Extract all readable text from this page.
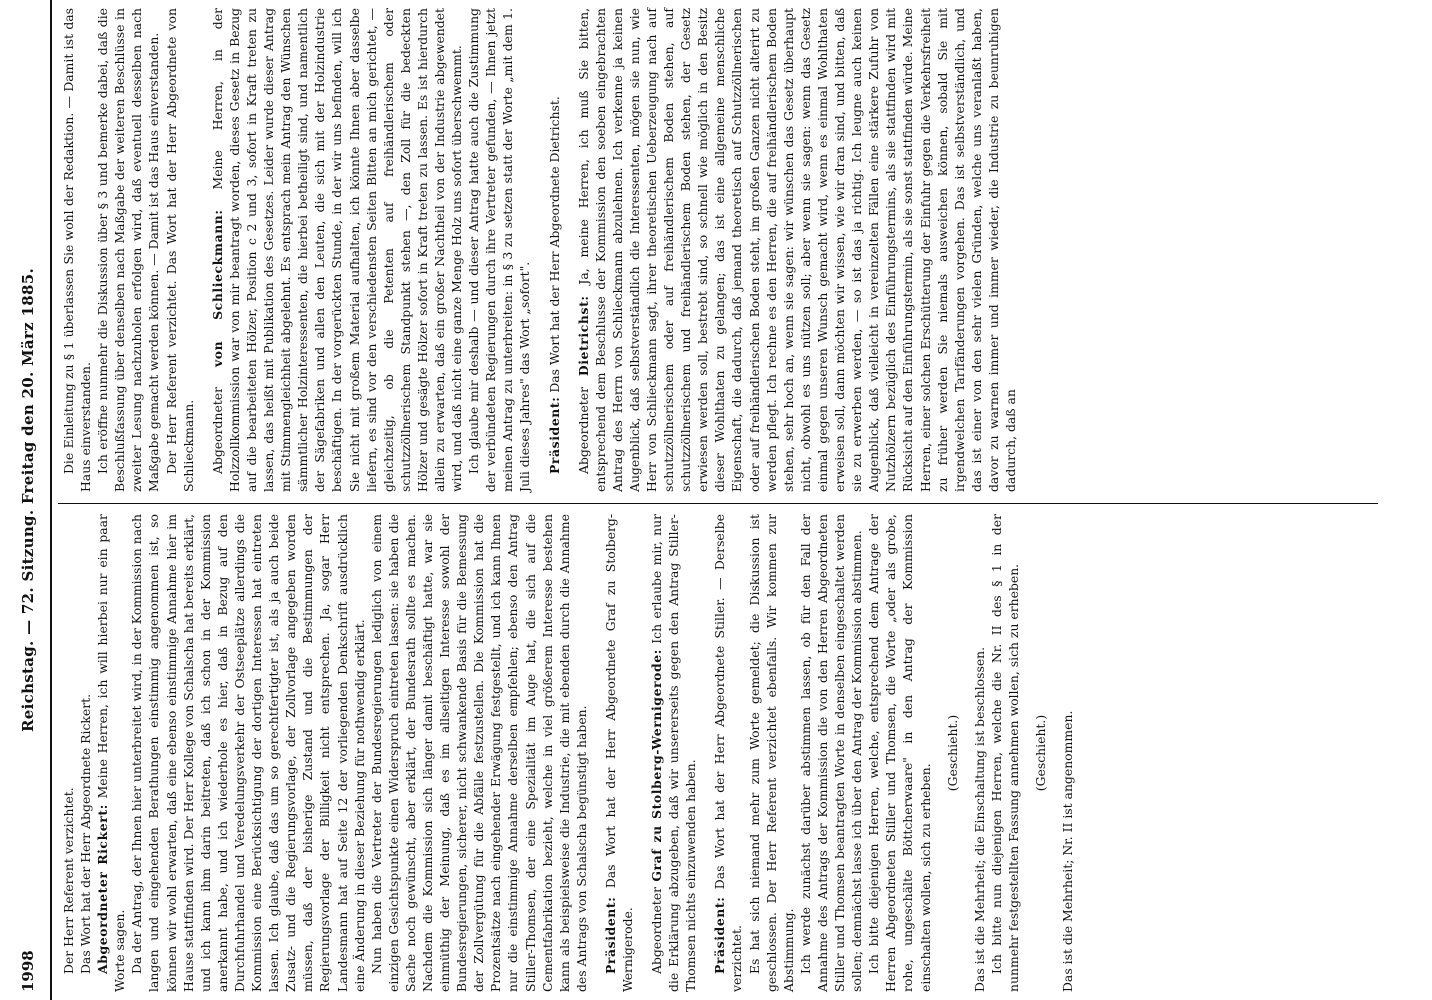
1998
Reichstag. — 72. Sitzung. Freitag den 20. März 1885.

Der Herr Referent verzichtet. Das Wort hat der Herr Abgeordnete Rickert. Abgeordneter Rickert: Meine Herren, ich will hierbei nur ein paar Worte sagen. Da der Antrag, der Ihnen hier unterbreitet wird, in der Kommission nach langen und eingehenden Berathungen einstimmig angenommen ist, so können wir wohl erwarten, daß eine ebenso einstimmige Annahme hier im Hause stattfinden wird. Der Herr Kollege von Schalscha hat bereits erklärt, und ich kann ihm darin beitreten, daß ich schon in der Kommission anerkannt habe, und ich wiederhole es hier, daß in Bezug auf den Durchfuhrhandel und Veredelungsverkehr der Ostseeplätze allerdings die Kommission eine Berücksichtigung der dortigen Interessen hat eintreten lassen. Ich glaube, daß das um so gerechtfertigter ist, als ja auch beide Zusatz- und die Regierungsvorlage, der Zollvorlage angegeben worden müssen, daß der bisherige Zustand und die Bestimmungen der Regierungsvorlage der Billigkeit nicht entsprechen. Ja, sogar Herr Landesmann hat auf Seite 12 der vorliegenden Denkschrift ausdrücklich eine Änderung in dieser Beziehung für nothwendig erklärt. Nun haben die Vertreter der Bundesregierungen lediglich von einem einzigen Gesichtspunkte einen Widerspruch eintreten lassen: sie haben die Sache noch gewünscht, aber erklärt, der Bundesrath sollte es machen. Nachdem die Kommission sich länger damit beschäftigt hatte, war sie einmüthig der Meinung, daß es im allseitigen Interesse sowohl der Bundesregierungen, sicherer, nicht schwankende Basis für die Bemessung der Zollvergütung für die Abfälle festzustellen. Die Kommission hat die Prozentsätze nach eingehender Erwägung festgestellt, und ich kann Ihnen nur die einstimmige Annahme derselben empfehlen; ebenso den Antrag Stiller-Thomsen, der eine Spezialität im Auge hat, die sich auf die Cementfabrikation bezieht, welche in viel größerem Interesse bestehen kann als beispielsweise die Industrie, die mit ebenden durch die Annahme des Antrags von Schalscha begünstigt haben. Präsident: Das Wort hat der Herr Abgeordnete Graf zu Stolberg-Wernigerode. Abgeordneter Graf zu Stolberg-Wernigerode: Ich erlaube mir, nur die Erklärung abzugeben, daß wir unsererseits gegen den Antrag Stiller-Thomsen nichts einzuwenden haben. Präsident: Das Wort hat der Herr Abgeordnete Stiller. — Derselbe verzichtet. Es hat sich niemand mehr zum Worte gemeldet; die Diskussion ist geschlossen. Der Herr Referent verzichtet ebenfalls. Wir kommen zur Abstimmung. Ich werde zunächst darüber abstimmen lassen, ob für den Fall der Annahme des Antrags der Kommission die von den Herren Abgeordneten Stiller und Thomsen beantragten Worte in denselben eingeschaltet werden sollen; demnächst lasse ich über den Antrag der Kommission abstimmen. Ich bitte diejenigen Herren, welche, entsprechend dem Antrage der Herren Abgeordneten Stiller und Thomsen, die Worte „oder als grobe, rohe, ungeschälte Böttcherwaare" in den Antrag der Kommission einschalten wollen, sich zu erheben.

(Geschieht.) Das ist die Mehrheit; die Einschaltung ist beschlossen. Ich bitte nun diejenigen Herren, welche die Nr. II des § 1 in der nunmehr festgestellten Fassung annehmen wollen, sich zu erheben. (Geschieht.) Das ist die Mehrheit; Nr. II ist angenommen.

Die Einleitung zu § 1 überlassen Sie wohl der Redaktion. — Damit ist das Haus einverstanden. Ich eröffne nunmehr die Diskussion über § 3 und bemerke dabei, daß die Beschlußfassung über denselben nach Maßgabe der weiteren Beschlüsse in zweiter Lesung nachzuholen erfolgen wird, daß eventuell desselben nach Maßgabe gemacht werden können. — Damit ist das Haus einverstanden. Der Herr Referent verzichtet. Das Wort hat der Herr Abgeordnete von Schlieckmann. Abgeordneter von Schlieckmann: Meine Herren, in der Holzzollkommission war von mir beantragt worden, dieses Gesetz in Bezug auf die bearbeiteten Hölzer, Position c 2 und 3, sofort in Kraft treten zu lassen, das heißt mit Publikation des Gesetzes. Leider wurde dieser Antrag mit Stimmengleichheit abgelehnt. Es entsprach mein Antrag den Wünschen sämmtlicher Holzinteressenten, die hierbei betheiligt sind, und namentlich der Sägefabriken und allen den Leuten, die sich mit der Holzindustrie beschäftigen. In der vorgerückten Stunde, in der wir uns befinden, will ich Sie nicht mit großem Material aufhalten, ich könnte Ihnen aber dasselbe liefern, es sind vor den verschiedensten Seiten Bitten an mich gerichtet, — gleichzeitig, ob die Petenten auf freihändlerischem oder schutzzöllnerischem Standpunkt stehen —, den Zoll für die bedeckten Hölzer und gesägte Hölzer sofort in Kraft treten zu lassen. Es ist hierdurch allein zu erwarten, daß ein großer Nachtheil von der Industrie abgewendet wird, und daß nicht eine ganze Menge Holz uns sofort überschwemmt. Ich glaube mir deshalb — und dieser Antrag hatte auch die Zustimmung der verbündeten Regierungen durch ihre Vertreter gefunden, — Ihnen jetzt meinen Antrag zu unterbreiten: in § 3 zu setzen statt der Worte „mit dem 1. Juli dieses Jahres" das Wort „sofort". Präsident: Das Wort hat der Herr Abgeordnete Dietrichst.

Abgeordneter Dietrichst: Ja, meine Herren, ich muß Sie bitten, entsprechend dem Beschlusse der Kommission den soeben eingebrachten Antrag des Herrn von Schlieckmann abzulehnen. Ich verkenne ja keinen Augenblick, daß selbstverständlich die Interessenten, mögen sie nun, wie Herr von Schlieckmann sagt, ihrer theoretischen Ueberzeugung nach auf schutzzöllnerischem oder auf freihändlerischem Boden stehen, auf schutzzöllnerischem und freihändlerischem Boden stehen, der Gesetz erwiesen werden soll, bestrebt sind, so schnell wie möglich in den Besitz dieser Wohlthaten zu gelangen; das ist eine allgemeine menschliche Eigenschaft, die dadurch, daß jemand theoretisch auf Schutzzöllnerischen oder auf freihändlerischen Boden steht, im großen Ganzen nicht alterirt zu werden pflegt. Ich rechne es den Herren, die auf freihändlerischem Boden stehen, sehr hoch an, wenn sie sagen: wir wünschen das Gesetz überhaupt nicht, obwohl es uns nützen soll; aber wenn sie sagen: wenn das Gesetz einmal gegen unseren Wunsch gemacht wird, wenn es einmal Wohlthaten erweisen soll, dann möchten wir wissen, wie wir dran sind, und bitten, daß sie zu erwerben werden, — so ist das ja richtig. Ich leugne auch keinen Augenblick, daß vielleicht in vereinzelten Fällen eine stärkere Zufuhr von Nutzhölzern bezüglich des Einführungstermins, als sie stattfinden wird mit Rücksicht auf den Einführungstermin, als sie sonst stattfinden würde. Meine Herren, einer solchen Erschütterung der Einfuhr gegen die Verkehrsfreiheit zu früher werden Sie niemals ausweichen können, sobald Sie mit irgendwelchen Tarifänderungen vorgehen. Das ist selbstverständlich, und das ist einer von den sehr vielen Gründen, welche uns veranlaßt haben, davor zu warnen immer und immer wieder, die Industrie zu beunruhigen dadurch, daß an
